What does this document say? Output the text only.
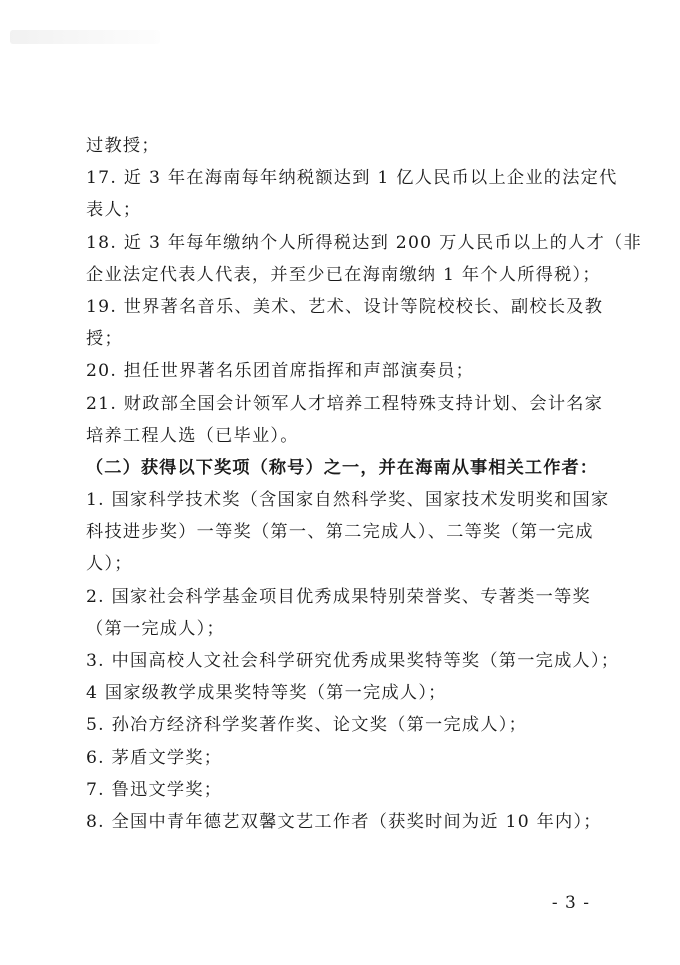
过教授；
17. 近 3 年在海南每年纳税额达到 1 亿人民币以上企业的法定代
表人；
18. 近 3 年每年缴纳个人所得税达到 200 万人民币以上的人才（非
企业法定代表人代表，并至少已在海南缴纳 1 年个人所得税）；
19. 世界著名音乐、美术、艺术、设计等院校校长、副校长及教
授；
20. 担任世界著名乐团首席指挥和声部演奏员；
21. 财政部全国会计领军人才培养工程特殊支持计划、会计名家
培养工程人选（已毕业）。
（二）获得以下奖项（称号）之一，并在海南从事相关工作者：
1. 国家科学技术奖（含国家自然科学奖、国家技术发明奖和国家
科技进步奖）一等奖（第一、第二完成人）、二等奖（第一完成
人）；
2. 国家社会科学基金项目优秀成果特别荣誉奖、专著类一等奖
（第一完成人）；
3. 中国高校人文社会科学研究优秀成果奖特等奖（第一完成人）；
4 国家级教学成果奖特等奖（第一完成人）；
5. 孙冶方经济科学奖著作奖、论文奖（第一完成人）；
6. 茅盾文学奖；
7. 鲁迅文学奖；
8. 全国中青年德艺双馨文艺工作者（获奖时间为近 10 年内）；
- 3 -
